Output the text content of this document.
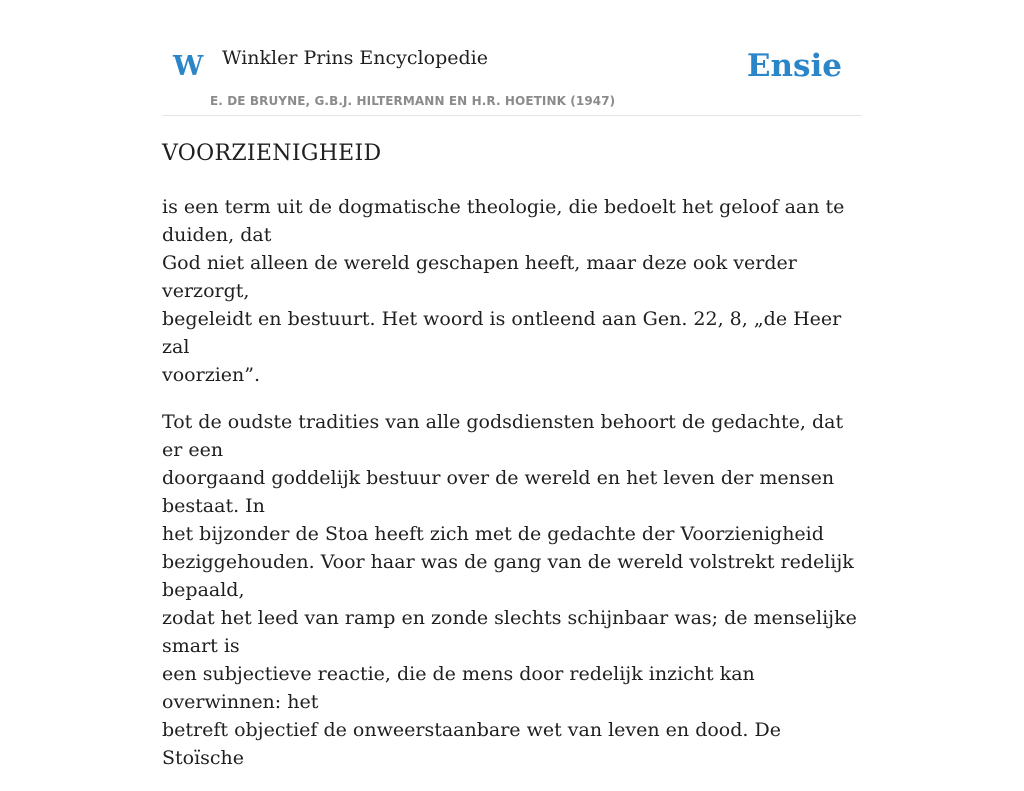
W Winkler Prins Encyclopedie
E. DE BRUYNE, G.B.J. HILTERMANN EN H.R. HOETINK (1947)
Ensie
VOORZIENIGHEID

is een term uit de dogmatische theologie, die bedoelt het geloof aan te duiden, dat
God niet alleen de wereld geschapen heeft, maar deze ook verder verzorgt,
begeleidt en bestuurt. Het woord is ontleend aan Gen. 22, 8, „de Heer zal
voorzien”.

Tot de oudste tradities van alle godsdiensten behoort de gedachte, dat er een
doorgaand goddelijk bestuur over de wereld en het leven der mensen bestaat. In
het bijzonder de Stoa heeft zich met de gedachte der Voorzienigheid
beziggehouden. Voor haar was de gang van de wereld volstrekt redelijk bepaald,
zodat het leed van ramp en zonde slechts schijnbaar was; de menselijke smart is
een subjectieve reactie, die de mens door redelijk inzicht kan overwinnen: het
betreft objectief de onweerstaanbare wet van leven en dood. De Stoïsche
